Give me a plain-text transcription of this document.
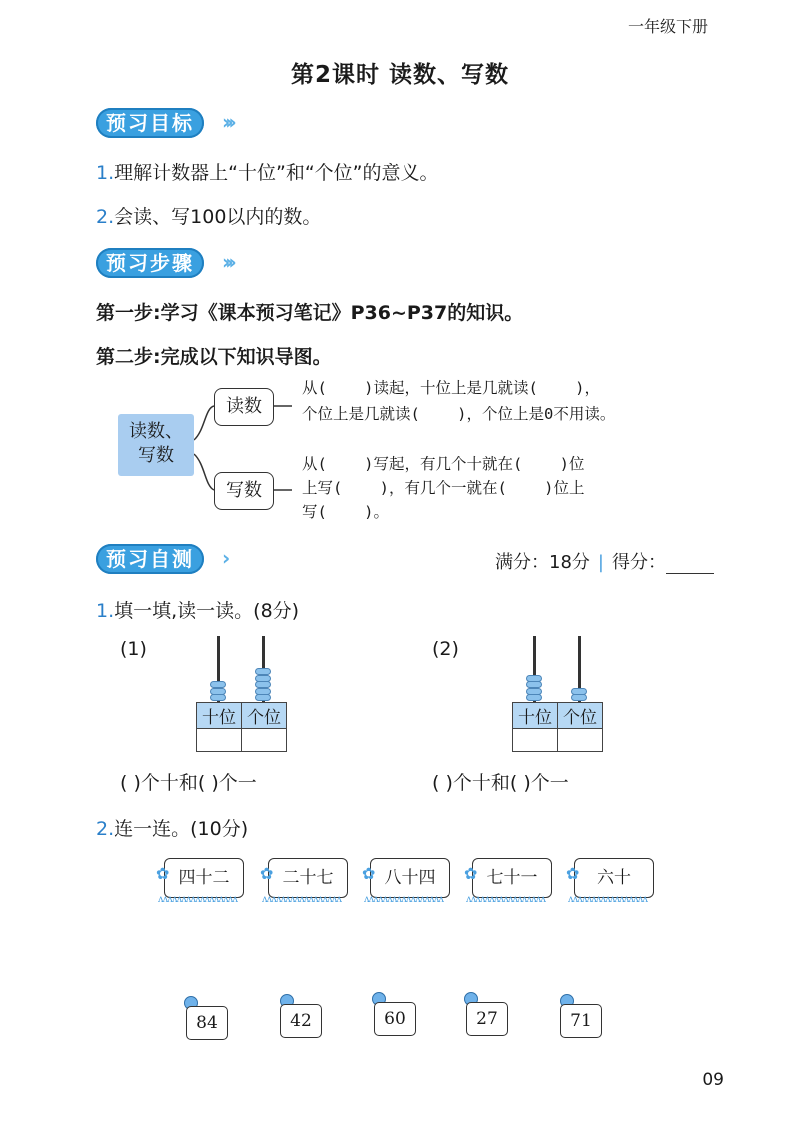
一年级下册
第2课时 读数、写数
预习目标	›››
1.理解计数器上“十位”和“个位”的意义。
2.会读、写100以内的数。
预习步骤	›››
第一步:学习《课本预习笔记》P36~P37的知识。
第二步:完成以下知识导图。
读数、
写数
读数
写数
从(    )读起，十位上是几就读(    )，
个位上是几就读(    )，个位上是0不用读。
从(    )写起，有几个十就在(    )位
上写(    )，有几个一就在(    )位上
写(    )。
预习自测	›	满分：18分 | 得分：
1.填一填,读一读。(8分)
(1)
十位	个位

( )个十和( )个一
(2)
十位	个位

( )个十和( )个一
2.连一连。(10分)
四十二
✿
ʌʌʌʌʌʌʌʌʌʌʌʌʌʌʌʌʌ
二十七
✿
ʌʌʌʌʌʌʌʌʌʌʌʌʌʌʌʌʌ
八十四
✿
ʌʌʌʌʌʌʌʌʌʌʌʌʌʌʌʌʌ
七十一
✿
ʌʌʌʌʌʌʌʌʌʌʌʌʌʌʌʌʌ
六十
✿
ʌʌʌʌʌʌʌʌʌʌʌʌʌʌʌʌʌ
84	42	60	27	71
09
